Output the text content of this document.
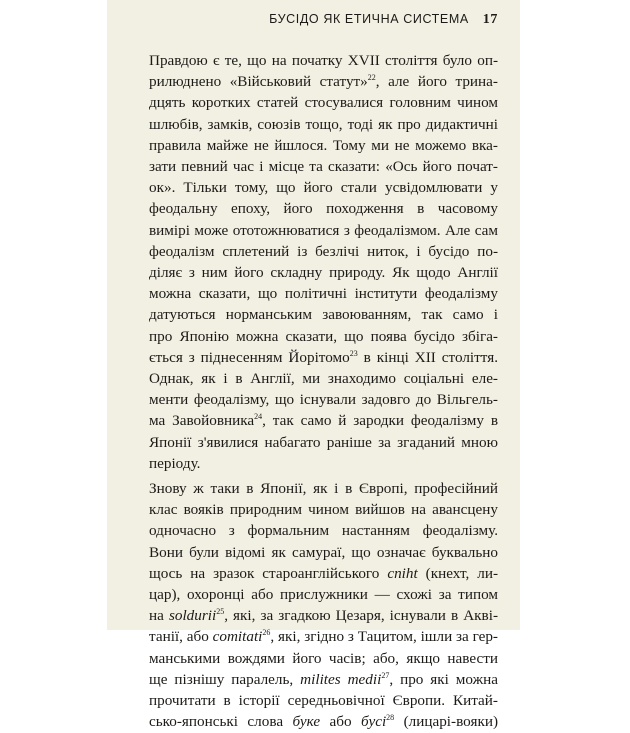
БУСІДО ЯК ЕТИЧНА СИСТЕМА 17

Правдою є те, що на початку XVII століття було оп-
рилюднено «Військовий статут»$^{22}$, але його трина-
дцять коротких статей стосувалися головним чином
шлюбів, замків, союзів тощо, тоді як про дидактичні
правила майже не йшлося. Тому ми не можемо вка-
зати певний час і місце та сказати: «Ось його почат-
ок». Тільки тому, що його стали усвідомлювати у
феодальну епоху, його походження в часовому
вимірі може ототожнюватися з феодалізмом. Але сам
феодалізм сплетений із безлічі ниток, і бусідо по-
діляє з ним його складну природу. Як щодо Англії
можна сказати, що політичні інститути феодалізму
датуються норманським завоюванням, так само і
про Японію можна сказати, що поява бусідо збіга-
ється з піднесенням Йорітомо$^{23}$ в кінці XII століття.
Однак, як і в Англії, ми знаходимо соціальні еле-
менти феодалізму, що існували задовго до Вільгель-
ма Завойовника$^{24}$, так само й зародки феодалізму в
Японії з'явилися набагато раніше за згаданий мною
періоду.

Знову ж таки в Японії, як і в Європі, професійний
клас вояків природним чином вийшов на авансцену
одночасно з формальним настанням феодалізму.
Вони були відомі як самураї, що означає буквально
щось на зразок староанглійського cniht (кнехт, ли-
цар), охоронці або прислужники — схожі за типом
на soldurii$^{25}$, які, за згадкою Цезаря, існували в Аквi-
танії, або comitati$^{26}$, які, згідно з Тацитом, ішли за гер-
манськими вождями його часів; або, якщо навести
ще пізнішу паралель, milites medii$^{27}$, про які можна
прочитати в історії середньовічної Європи. Китай-
сько-японські слова буке або бусі$^{28}$ (лицарі-вояки)
